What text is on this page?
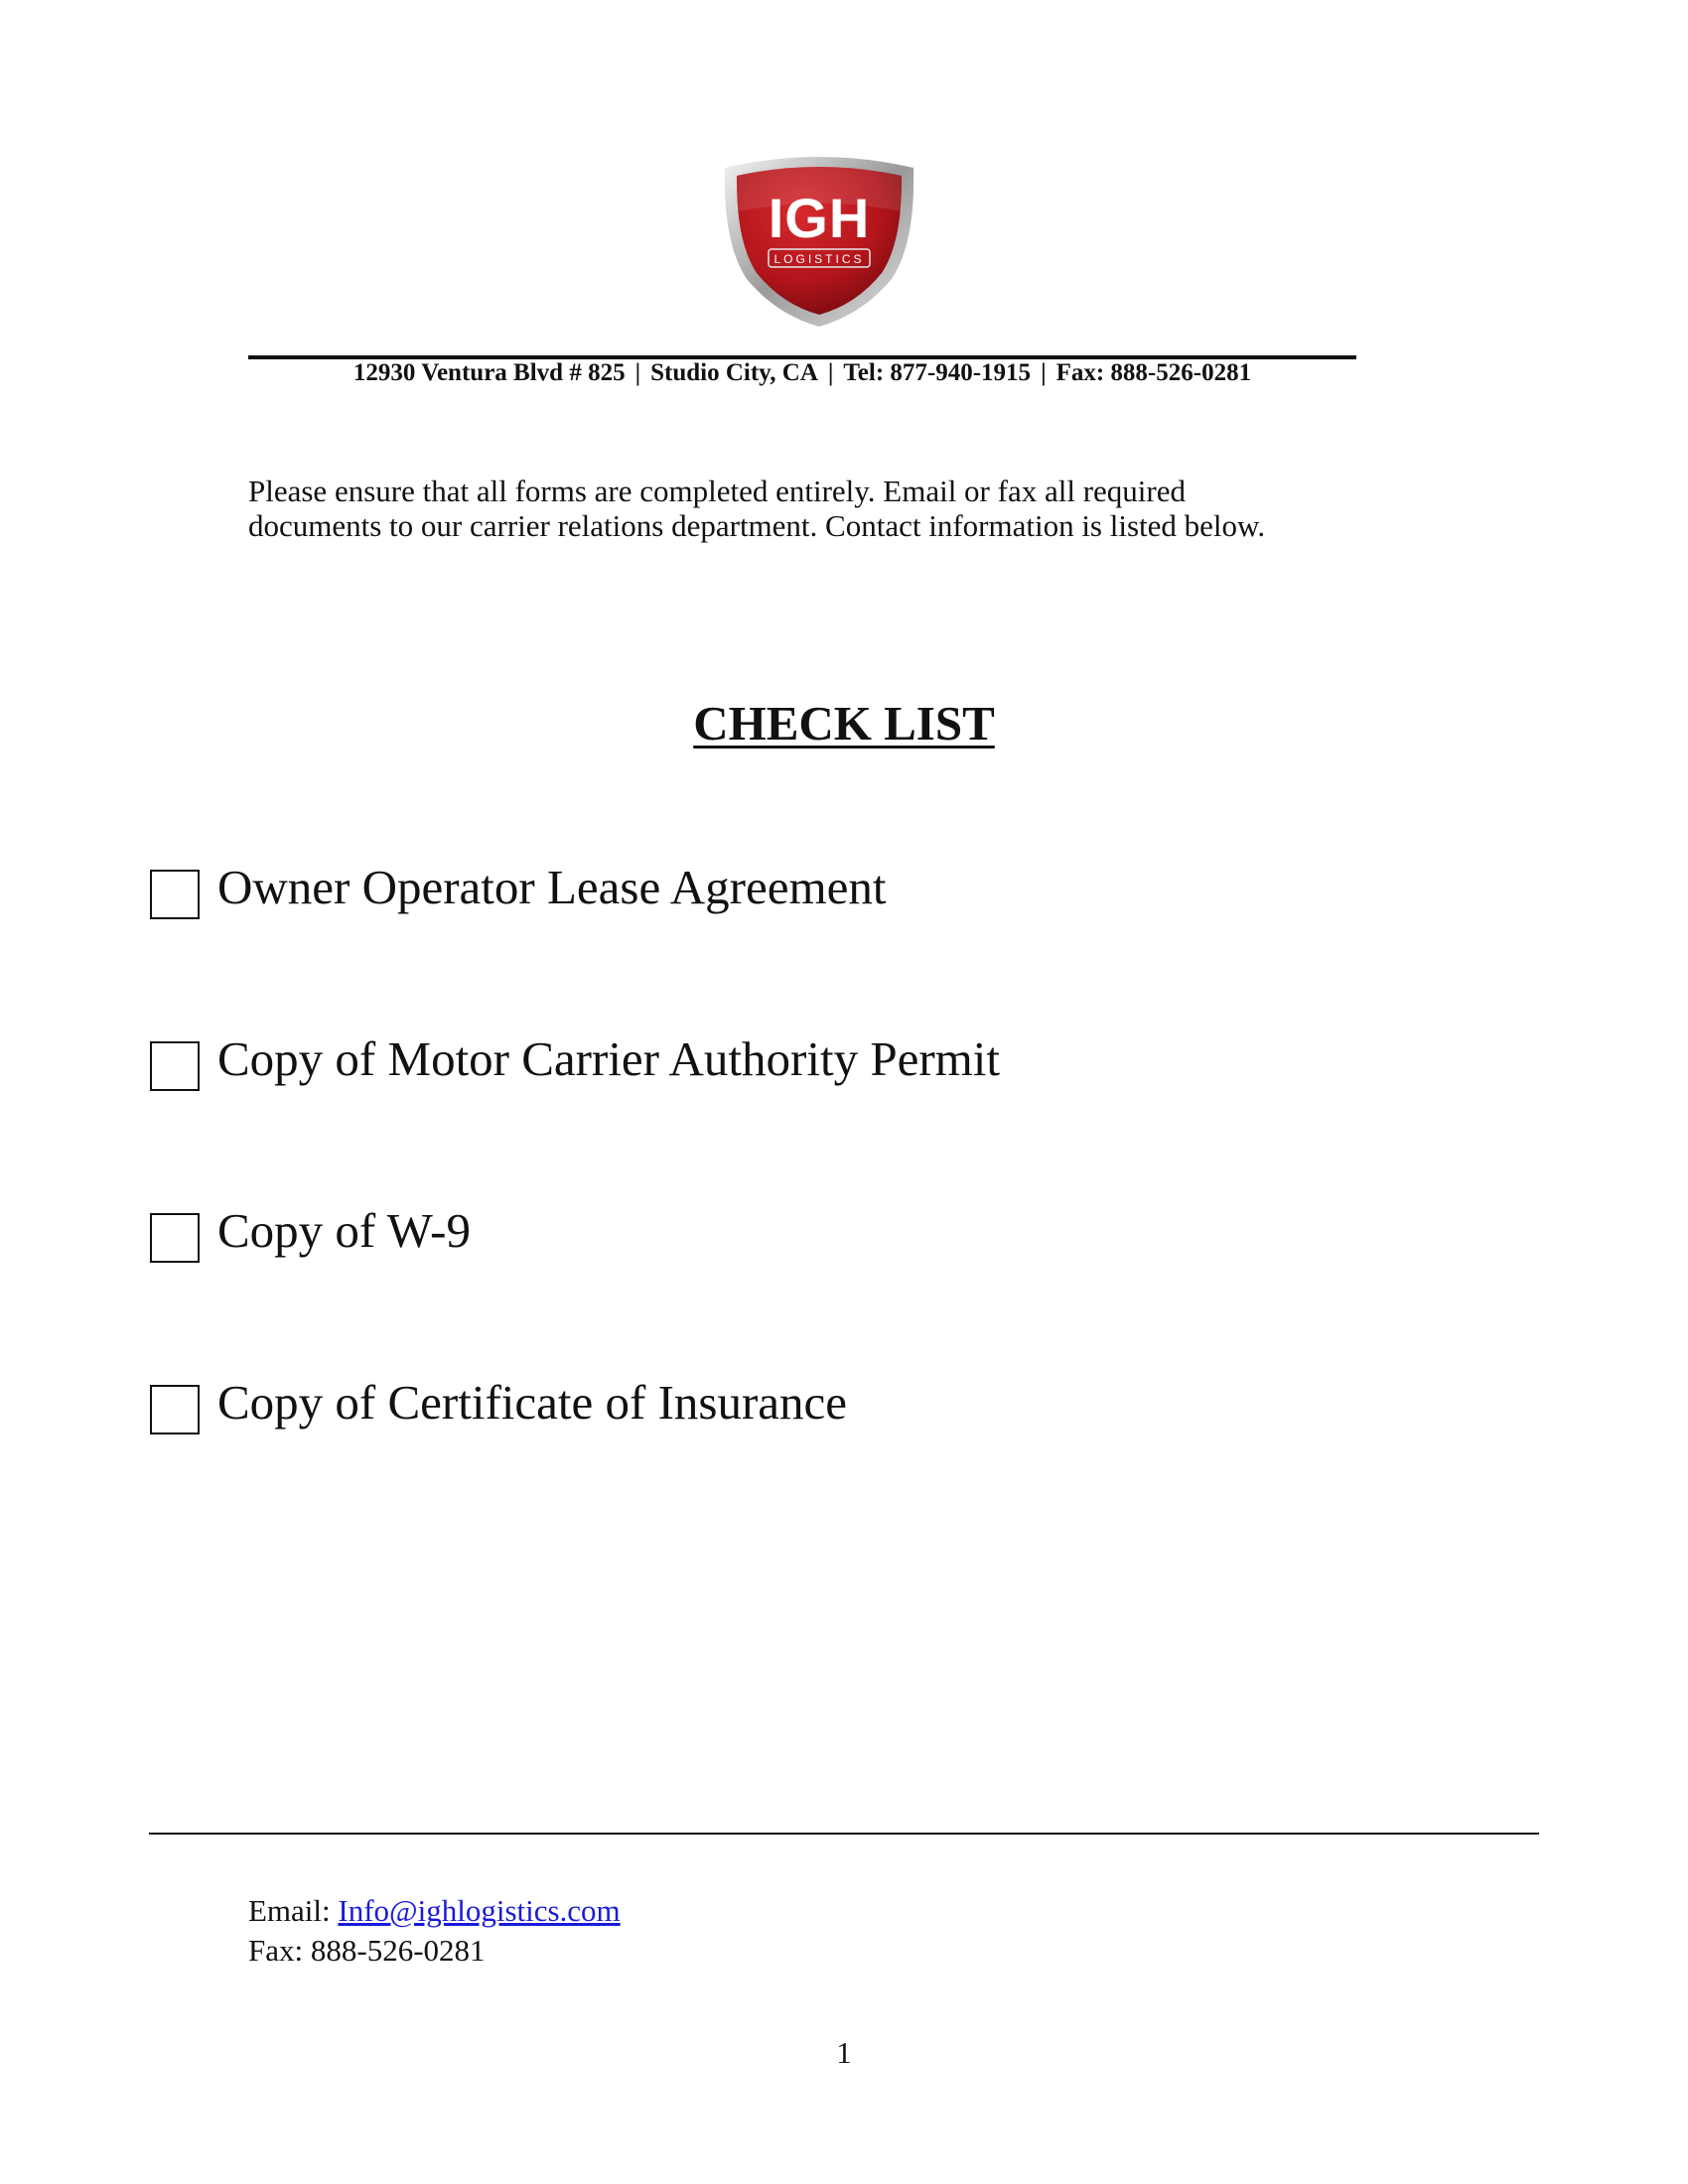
IGH
LOGISTICS
12930 Ventura Blvd # 825 | Studio City, CA | Tel: 877-940-1915 | Fax: 888-526-0281

Please ensure that all forms are completed entirely. Email or fax all required

documents to our carrier relations department. Contact information is listed below.

CHECK LIST
Owner Operator Lease Agreement
Copy of Motor Carrier Authority Permit
Copy of W-9
Copy of Certificate of Insurance
Email: Info@ighlogistics.com
Fax: 888-526-0281
1
